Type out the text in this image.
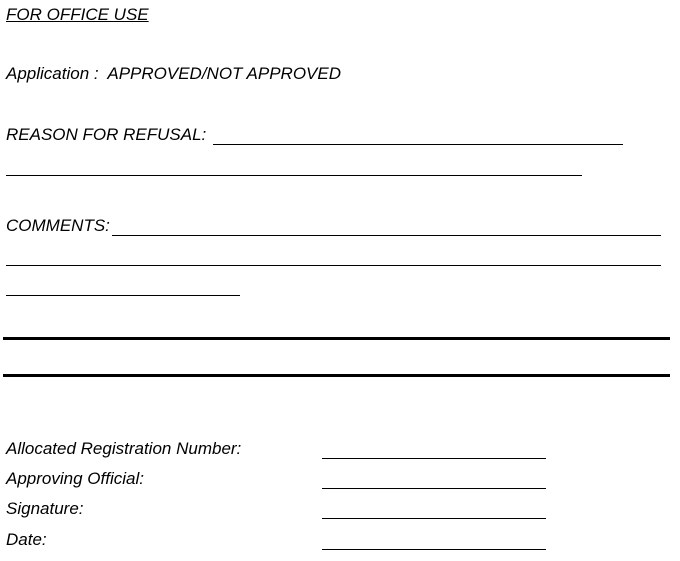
FOR OFFICE USE
Application : APPROVED/NOT APPROVED
REASON FOR REFUSAL:
COMMENTS:
Allocated Registration Number:
Approving Official:
Signature:
Date:
